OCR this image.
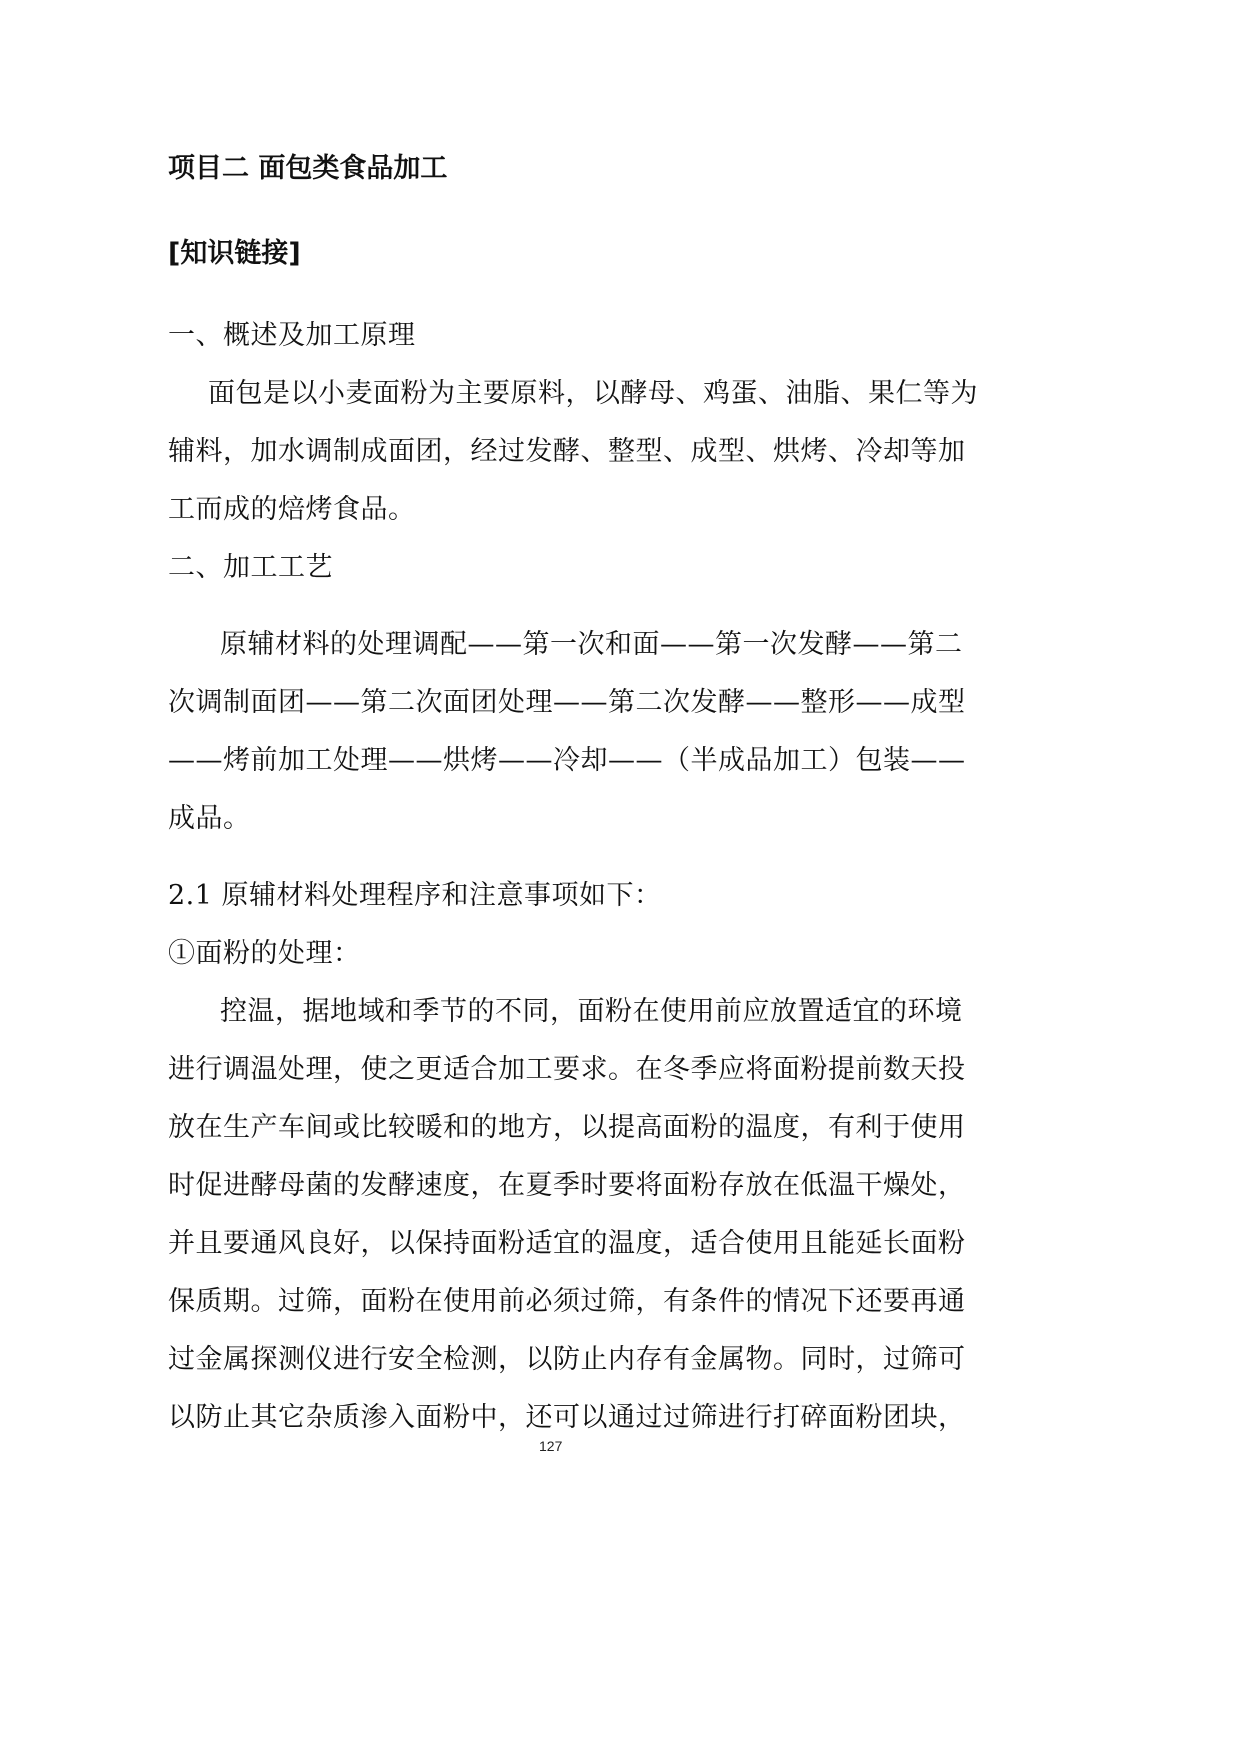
项目二 面包类食品加工
[知识链接]
一、概述及加工原理
面包是以小麦面粉为主要原料，以酵母、鸡蛋、油脂、果仁等为
辅料，加水调制成面团，经过发酵、整型、成型、烘烤、冷却等加
工而成的焙烤食品。
二、加工工艺
原辅材料的处理调配——第一次和面——第一次发酵——第二
次调制面团——第二次面团处理——第二次发酵——整形——成型
——烤前加工处理——烘烤——冷却——（半成品加工）包装——
成品。
2.1 原辅材料处理程序和注意事项如下：
①面粉的处理：
控温，据地域和季节的不同，面粉在使用前应放置适宜的环境
进行调温处理，使之更适合加工要求。在冬季应将面粉提前数天投
放在生产车间或比较暖和的地方，以提高面粉的温度，有利于使用
时促进酵母菌的发酵速度，在夏季时要将面粉存放在低温干燥处，
并且要通风良好，以保持面粉适宜的温度，适合使用且能延长面粉
保质期。过筛，面粉在使用前必须过筛，有条件的情况下还要再通
过金属探测仪进行安全检测，以防止内存有金属物。同时，过筛可
以防止其它杂质渗入面粉中，还可以通过过筛进行打碎面粉团块，
127
